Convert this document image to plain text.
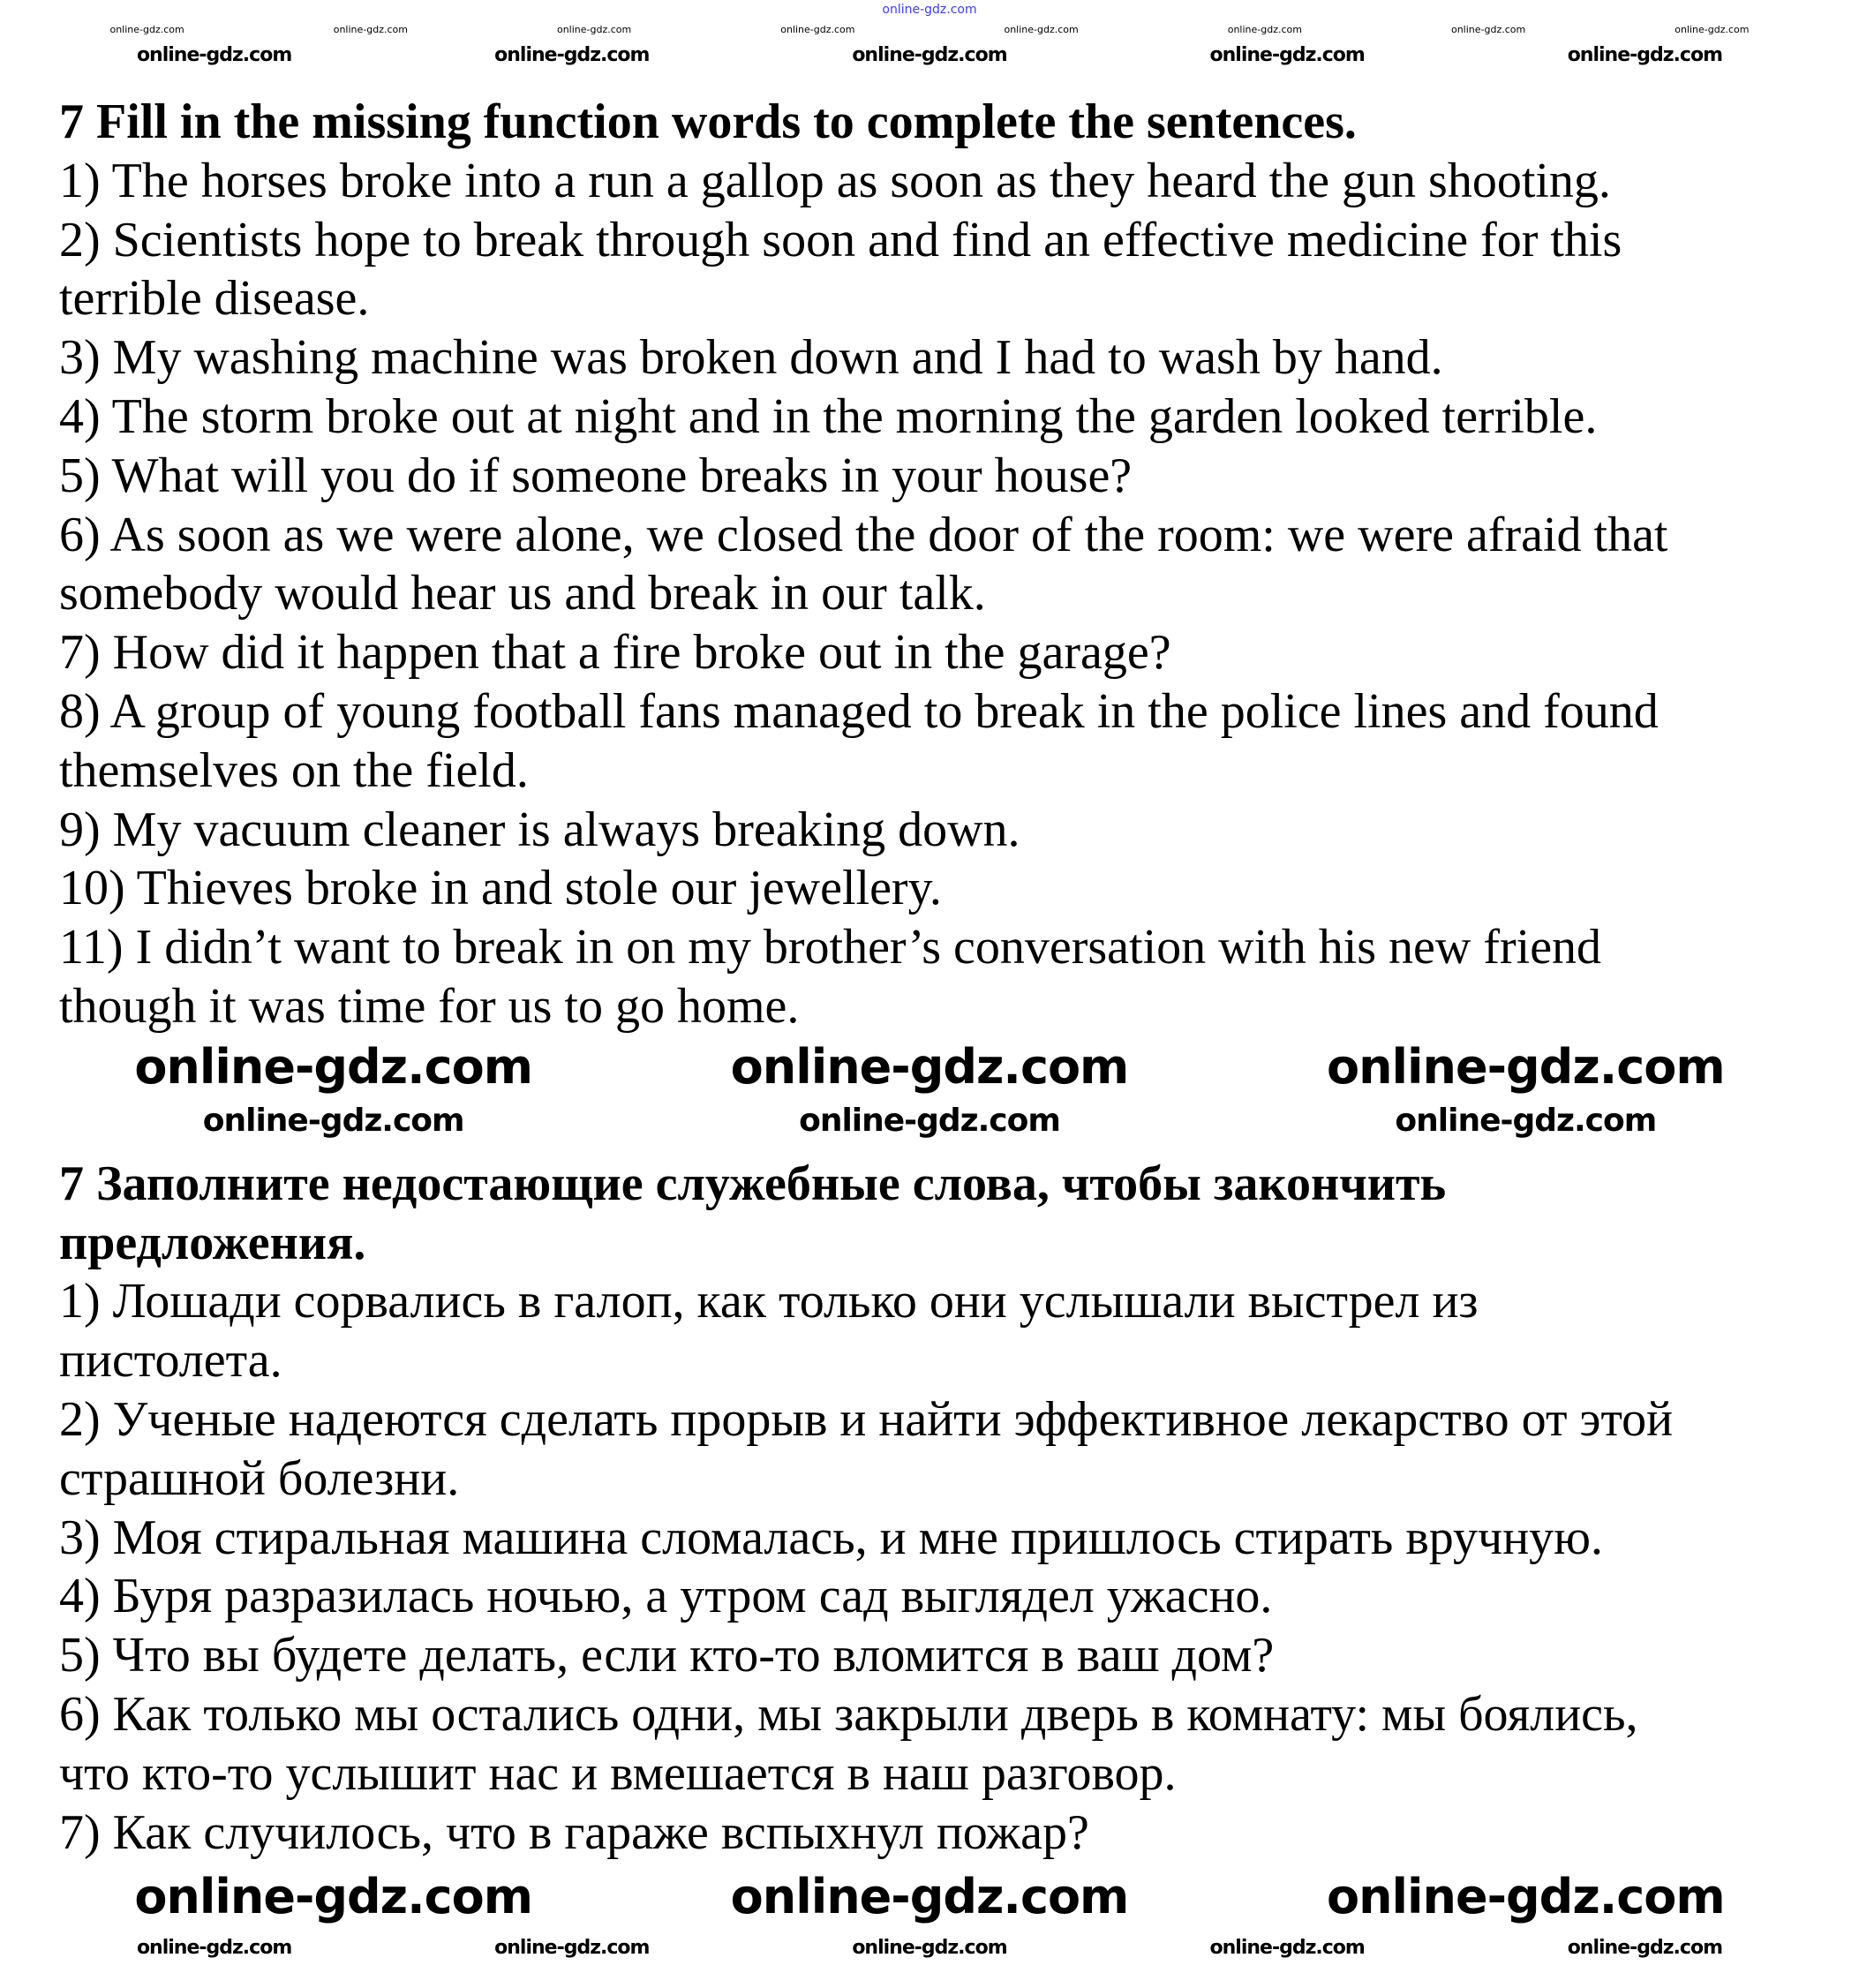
online-gdz.com
online-gdz.com	online-gdz.com	online-gdz.com	online-gdz.com	online-gdz.com	online-gdz.com	online-gdz.com	online-gdz.com
online-gdz.com	online-gdz.com	online-gdz.com	online-gdz.com	online-gdz.com
7 Fill in the missing function words to complete the sentences.

1) The horses broke into a run a gallop as soon as they heard the gun shooting.

2) Scientists hope to break through soon and find an effective medicine for this

terrible disease.

3) My washing machine was broken down and I had to wash by hand.

4) The storm broke out at night and in the morning the garden looked terrible.

5) What will you do if someone breaks in your house?

6) As soon as we were alone, we closed the door of the room: we were afraid that

somebody would hear us and break in our talk.

7) How did it happen that a fire broke out in the garage?

8) A group of young football fans managed to break in the police lines and found

themselves on the field.

9) My vacuum cleaner is always breaking down.

10) Thieves broke in and stole our jewellery.

11) I didn’t want to break in on my brother’s conversation with his new friend

though it was time for us to go home.

7 Заполните недостающие служебные слова, чтобы закончить
предложения.

1) Лошади сорвались в галоп, как только они услышали выстрел из

пистолета.

2) Ученые надеются сделать прорыв и найти эффективное лекарство от этой

страшной болезни.

3) Моя стиральная машина сломалась, и мне пришлось стирать вручную.

4) Буря разразилась ночью, а утром сад выглядел ужасно.

5) Что вы будете делать, если кто-то вломится в ваш дом?

6) Как только мы остались одни, мы закрыли дверь в комнату: мы боялись,

что кто-то услышит нас и вмешается в наш разговор.

7) Как случилось, что в гараже вспыхнул пожар?

online-gdz.com	online-gdz.com	online-gdz.com
online-gdz.com	online-gdz.com	online-gdz.com
online-gdz.com	online-gdz.com	online-gdz.com
online-gdz.com	online-gdz.com	online-gdz.com	online-gdz.com	online-gdz.com
